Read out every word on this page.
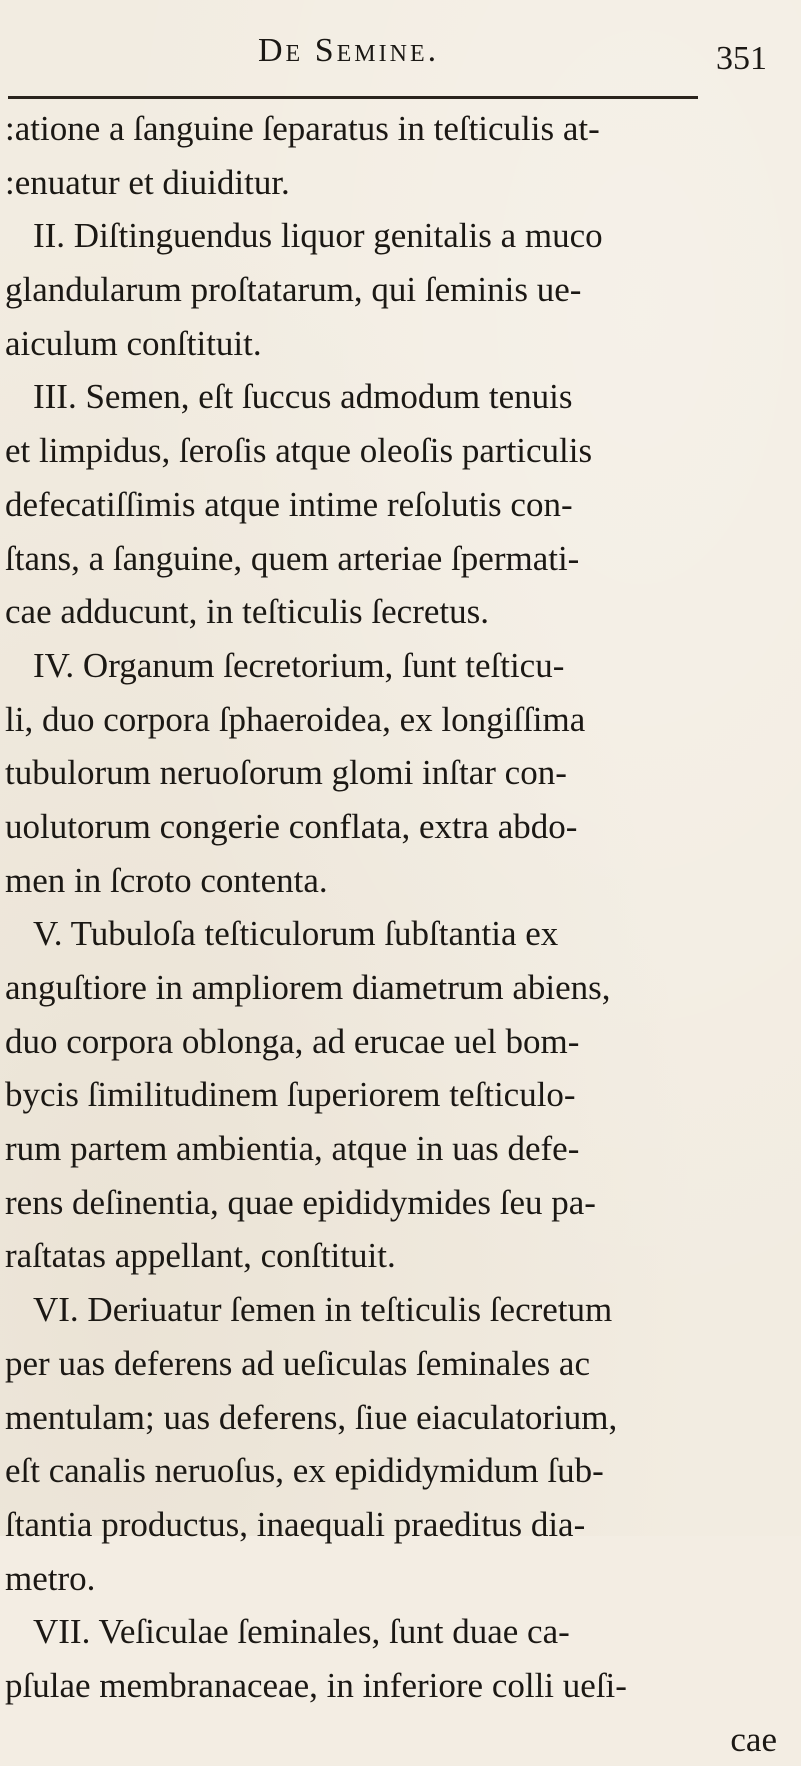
De Semine.	351
:atione a ſanguine ſeparatus in teſticulis at-
:enuatur et diuiditur.
II. Diſtinguendus liquor genitalis a muco
glandularum proſtatarum, qui ſeminis ue-
aiculum conſtituit.
III. Semen, eſt ſuccus admodum tenuis
et limpidus, ſeroſis atque oleoſis particulis
defecatiſſimis atque intime reſolutis con-
ſtans, a ſanguine, quem arteriae ſpermati-
cae adducunt, in teſticulis ſecretus.
IV. Organum ſecretorium, ſunt teſticu-
li, duo corpora ſphaeroidea, ex longiſſima
tubulorum neruoſorum glomi inſtar con-
uolutorum congerie conflata, extra abdo-
men in ſcroto contenta.
V. Tubuloſa teſticulorum ſubſtantia ex
anguſtiore in ampliorem diametrum abiens,
duo corpora oblonga, ad erucae uel bom-
bycis ſimilitudinem ſuperiorem teſticulo-
rum partem ambientia, atque in uas defe-
rens deſinentia, quae epididymides ſeu pa-
raſtatas appellant, conſtituit.
VI. Deriuatur ſemen in teſticulis ſecretum
per uas deferens ad ueſiculas ſeminales ac
mentulam; uas deferens, ſiue eiaculatorium,
eſt canalis neruoſus, ex epididymidum ſub-
ſtantia productus, inaequali praeditus dia-
metro.
VII. Veſiculae ſeminales, ſunt duae ca-
pſulae membranaceae, in inferiore colli ueſi-
cae
